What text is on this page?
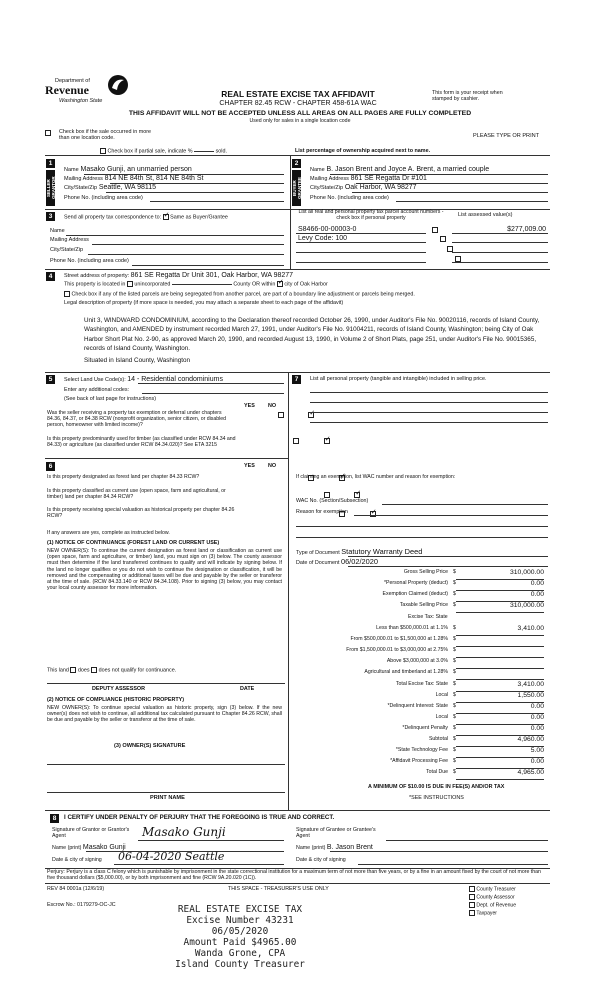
Department of
Revenue
Washington State
REAL ESTATE EXCISE TAX AFFIDAVIT
CHAPTER 82.45 RCW - CHAPTER 458-61A WAC
THIS AFFIDAVIT WILL NOT BE ACCEPTED UNLESS ALL AREAS ON ALL PAGES ARE FULLY COMPLETED
Used only for sales in a single location code
This form is your receipt when stamped by cashier.
Check box if the sale occurred in more than one location code.	PLEASE TYPE OR PRINT
Check box if partial sale, indicate %	sold.	List percentage of ownership acquired next to name.
1
SELLER GRANTOR
Name Masako Gunji, an unmarried person
Mailing Address 814 NE 84th St, 814 NE 84th St
City/State/Zip Seattle, WA 98115
Phone No. (including area code)
2
BUYER GRANTEE
Name B. Jason Brent and Joyce A. Brent, a married couple
Mailing Address 861 SE Regatta Dr #101
City/State/Zip Oak Harbor, WA 98277
Phone No. (including area code)
3	Send all property tax correspondence to: ✓ Same as Buyer/Grantee
Name
Mailing Address
City/State/Zip
Phone No. (including area code)
List all real and personal property tax parcel account numbers - check box if personal property	List assessed value(s)
S8466-00-00003-0
	$277,009.00
Levy Code: 100

4	Street address of property: 861 SE Regatta Dr Unit 301, Oak Harbor, WA 98277
This property is located in unincorporated	County OR within ✓ city of Oak Harbor
Check box if any of the listed parcels are being segregated from another parcel, are part of a boundary line adjustment or parcels being merged.
Legal description of property (if more space is needed, you may attach a separate sheet to each page of the affidavit)
Unit 3, WINDWARD CONDOMINIUM, according to the Declaration thereof recorded October 26, 1990, under Auditor's File No. 90020116, records of Island County, Washington, and AMENDED by instrument recorded March 27, 1991, under Auditor's File No. 91004211, records of Island County, Washington; being City of Oak Harbor Short Plat No. 2-90, as approved March 20, 1990, and recorded August 13, 1990, in Volume 2 of Short Plats, page 251, under Auditor's File No. 90015365, records of Island County, Washington.
Situated in Island County, Washington
5	Select Land Use Code(s): 14 - Residential condominiums
Enter any additional codes:
(See back of last page for instructions)
YES NO
Was the seller receiving a property tax exemption or deferral under chapters 84.36, 84.37, or 84.38 RCW (nonprofit organization, senior citizen, or disabled person, homeowner with limited income)?
✓
Is this property predominantly used for timber (as classified under RCW 84.34 and 84.33) or agriculture (as classified under RCW 84.34.020)? See ETA 3215
✓
7	List all personal property (tangible and intangible) included in selling price.
6	YES NO
Is this property designated as forest land per chapter 84.33 RCW?
✓
Is this property classified as current use (open space, farm and agricultural, or timber) land per chapter 84.34 RCW?
✓
Is this property receiving special valuation as historical property per chapter 84.26 RCW?
✓
If any answers are yes, complete as instructed below.
(1) NOTICE OF CONTINUANCE (FOREST LAND OR CURRENT USE)
NEW OWNER(S): To continue the current designation as forest land or classification as current use (open space, farm and agriculture, or timber) land, you must sign on (3) below. The county assessor must then determine if the land transferred continues to qualify and will indicate by signing below. If the land no longer qualifies or you do not wish to continue the designation or classification, it will be removed and the compensating or additional taxes will be due and payable by the seller or transferor at the time of sale. (RCW 84.33.140 or RCW 84.34.108). Prior to signing (3) below, you may contact your local county assessor for more information.
This land does does not qualify for continuance.
DEPUTY ASSESSOR	DATE
(2) NOTICE OF COMPLIANCE (HISTORIC PROPERTY)
NEW OWNER(S): To continue special valuation as historic property, sign (3) below. If the new owner(s) does not wish to continue, all additional tax calculated pursuant to Chapter 84.26 RCW, shall be due and payable by the seller or transferor at the time of sale.
(3) OWNER(S) SIGNATURE
PRINT NAME
If claiming an exemption, list WAC number and reason for exemption:
WAC No. (Section/Subsection)
Reason for exemption
Type of Document Statutory Warranty Deed
Date of Document 06/02/2020
Gross Selling Price $	310,000.00
*Personal Property (deduct) $	0.00
Exemption Claimed (deduct) $	0.00
Taxable Selling Price $	310,000.00
Less than $500,000.01 at 1.1% $	3,410.00
From $500,000.01 to $1,500,000 at 1.28% $
From $1,500,000.01 to $3,000,000 at 2.75% $
Above $3,000,000 at 3.0% $
Agricultural and timberland at 1.28% $
Total Excise Tax: State $	3,410.00
Local $	1,550.00
*Delinquent Interest: State $	0.00
Local $	0.00
*Delinquent Penalty $	0.00
Subtotal $	4,960.00
*State Technology Fee $	5.00
*Affidavit Processing Fee $	0.00
Total Due $	4,965.00
Excise Tax: State
A MINIMUM OF $10.00 IS DUE IN FEE(S) AND/OR TAX
*SEE INSTRUCTIONS
8	I CERTIFY UNDER PENALTY OF PERJURY THAT THE FOREGOING IS TRUE AND CORRECT.
Signature of Grantor or Grantor's Agent	Masako Gunji
Name (print) Masako Gunji
Date & city of signing 06-04-2020 Seattle
Signature of Grantee or Grantee's Agent
Name (print) B. Jason Brent
Date & city of signing
Perjury: Perjury is a class C felony which is punishable by imprisonment in the state correctional institution for a maximum term of not more than five years, or by a fine in an amount fixed by the court of not more than five thousand dollars ($5,000.00), or by both imprisonment and fine (RCW 9A.20.020 (1C)).
REV 84 0001a (12/6/19)	THIS SPACE - TREASURER'S USE ONLY
Escrow No.: 0179279-OC-JC
County Treasurer
County Assessor
Dept. of Revenue
Taxpayer
REAL ESTATE EXCISE TAX
Excise Number 43231
06/05/2020
Amount Paid $4965.00
Wanda Grone, CPA
Island County Treasurer
